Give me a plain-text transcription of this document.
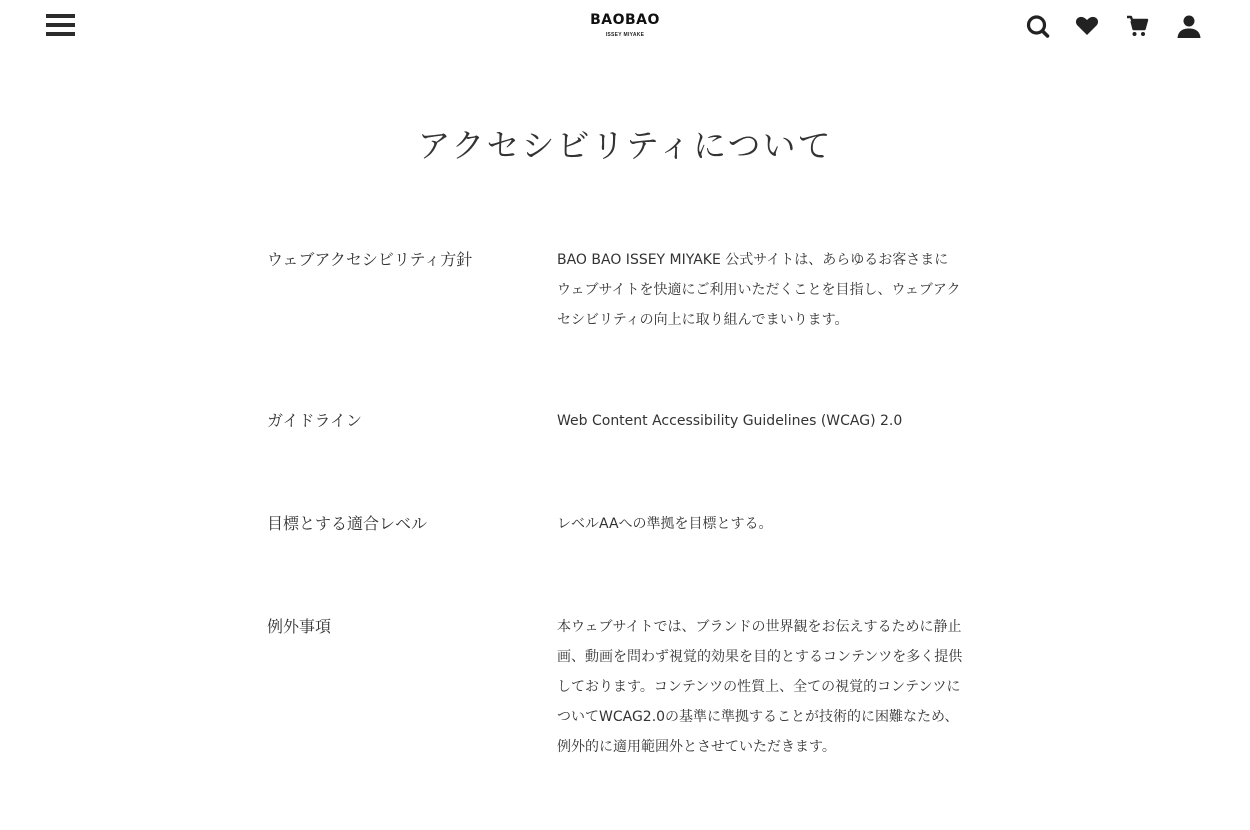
BAOBAO
ISSEY MIYAKE
アクセシビリティについて
ウェブアクセシビリティ方針	BAO BAO ISSEY MIYAKE 公式サイトは、あらゆるお客さまに

ウェブサイトを快適にご利用いただくことを目指し、ウェブアク

セシビリティの向上に取り組んでまいります。

ガイドライン	Web Content Accessibility Guidelines (WCAG) 2.0

目標とする適合レベル	レベルAAへの準拠を目標とする。

例外事項	本ウェブサイトでは、ブランドの世界観をお伝えするために静止

画、動画を問わず視覚的効果を目的とするコンテンツを多く提供

しております。コンテンツの性質上、全ての視覚的コンテンツに

ついてWCAG2.0の基準に準拠することが技術的に困難なため、

例外的に適用範囲外とさせていただきます。
